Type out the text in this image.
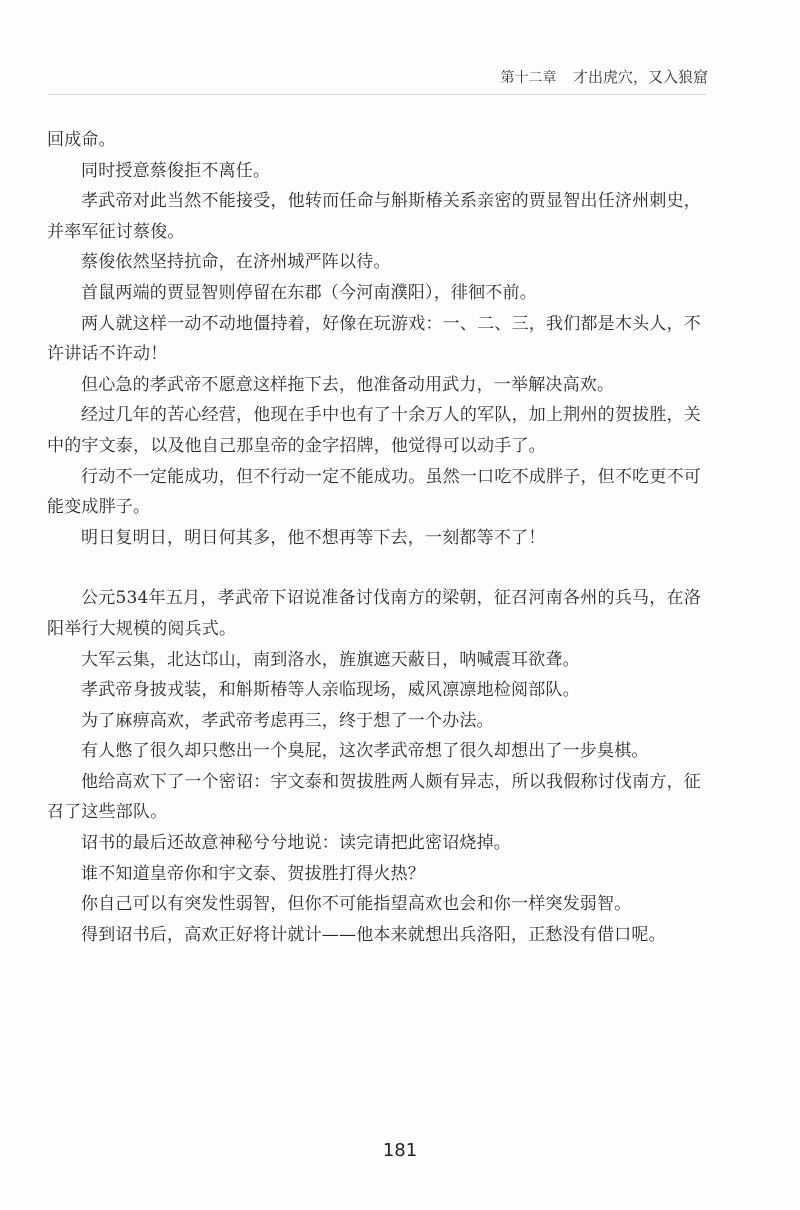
第十二章 才出虎穴，又入狼窟

回成命。

同时授意蔡俊拒不离任。

孝武帝对此当然不能接受，他转而任命与斛斯椿关系亲密的贾显智出任济州刺史，并率军征讨蔡俊。

蔡俊依然坚持抗命，在济州城严阵以待。

首鼠两端的贾显智则停留在东郡（今河南濮阳），徘徊不前。

两人就这样一动不动地僵持着，好像在玩游戏：一、二、三，我们都是木头人，不许讲话不许动！

但心急的孝武帝不愿意这样拖下去，他准备动用武力，一举解决高欢。

经过几年的苦心经营，他现在手中也有了十余万人的军队，加上荆州的贺拔胜，关中的宇文泰，以及他自己那皇帝的金字招牌，他觉得可以动手了。

行动不一定能成功，但不行动一定不能成功。虽然一口吃不成胖子，但不吃更不可能变成胖子。

明日复明日，明日何其多，他不想再等下去，一刻都等不了！

公元534年五月，孝武帝下诏说准备讨伐南方的梁朝，征召河南各州的兵马，在洛阳举行大规模的阅兵式。

大军云集，北达邙山，南到洛水，旌旗遮天蔽日，呐喊震耳欲聋。

孝武帝身披戎装，和斛斯椿等人亲临现场，威风凛凛地检阅部队。

为了麻痹高欢，孝武帝考虑再三，终于想了一个办法。

有人憋了很久却只憋出一个臭屁，这次孝武帝想了很久却想出了一步臭棋。

他给高欢下了一个密诏：宇文泰和贺拔胜两人颇有异志，所以我假称讨伐南方，征召了这些部队。

诏书的最后还故意神秘兮兮地说：读完请把此密诏烧掉。

谁不知道皇帝你和宇文泰、贺拔胜打得火热？

你自己可以有突发性弱智，但你不可能指望高欢也会和你一样突发弱智。

得到诏书后，高欢正好将计就计——他本来就想出兵洛阳，正愁没有借口呢。

181
